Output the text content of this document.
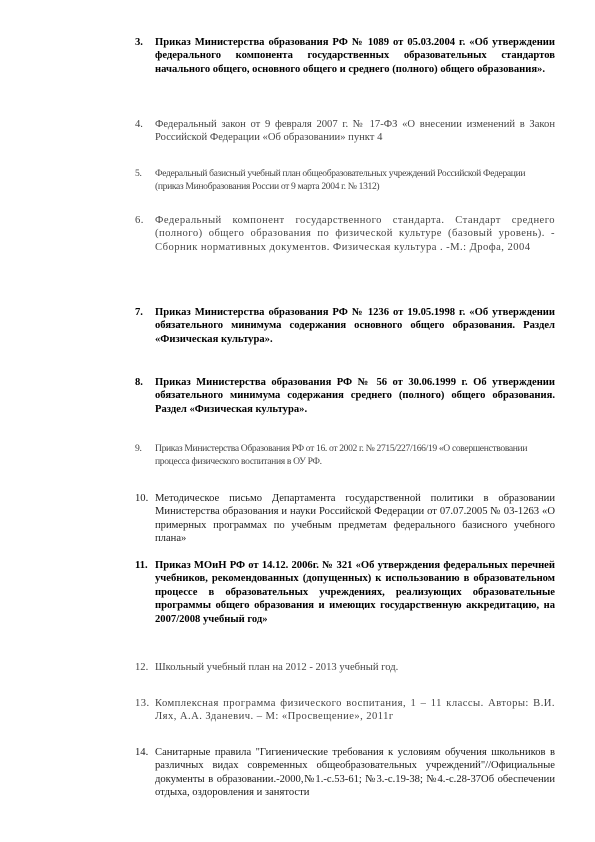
3.	Приказ Министерства образования РФ № 1089 от 05.03.2004 г. «Об утверждении федерального компонента государственных образовательных стандартов начального общего, основного общего и среднего (полного) общего образования».
4.	Федеральный закон от 9 февраля 2007 г. № 17-ФЗ «О внесении изменений в Закон Российской Федерации «Об образовании» пункт 4
5.	Федеральный базисный учебный план общеобразовательных учреждений Российской Федерации (приказ Минобразования России от 9 марта 2004 г. № 1312)
6.	Федеральный компонент государственного стандарта. Стандарт среднего (полного) общего образования по физической культуре (базовый уровень). - Сборник нормативных документов. Физическая культура . -М.: Дрофа, 2004
7.	Приказ Министерства образования РФ № 1236 от 19.05.1998 г. «Об утверждении обязательного минимума содержания основного общего образования. Раздел «Физическая культура».
8.	Приказ Министерства образования РФ № 56 от 30.06.1999 г. Об утверждении обязательного минимума содержания среднего (полного) общего образования. Раздел «Физическая культура».
9.	Приказ Министерства Образования РФ от 16. от 2002 г. № 2715/227/166/19 «О совершенствовании процесса физического воспитания в ОУ РФ.
10. Методическое письмо Департамента государственной политики в образовании Министерства образования и науки Российской Федерации от 07.07.2005 № 03-1263 «О примерных программах по учебным предметам федерального базисного учебного плана»
11. Приказ МОиН РФ от 14.12. 2006г. № 321 «Об утверждения федеральных перечней учебников, рекомендованных (допущенных) к использованию в образовательном процессе в образовательных учреждениях, реализующих образовательные программы общего образования и имеющих государственную аккредитацию, на 2007/2008 учебный год»
12. Школьный учебный план на 2012 - 2013 учебный год.
13. Комплексная программа физического воспитания, 1 – 11 классы. Авторы: В.И. Лях, А.А. Зданевич. – М: «Просвещение», 2011г
14. Санитарные правила "Гигиенические требования к условиям обучения школьников в различных видах современных общеобразовательных учреждений"//Официальные документы в образовании.-2000,№1.-с.53-61; №3.-с.19-38; №4.-с.28-37Об обеспечении отдыха, оздоровления и занятости
